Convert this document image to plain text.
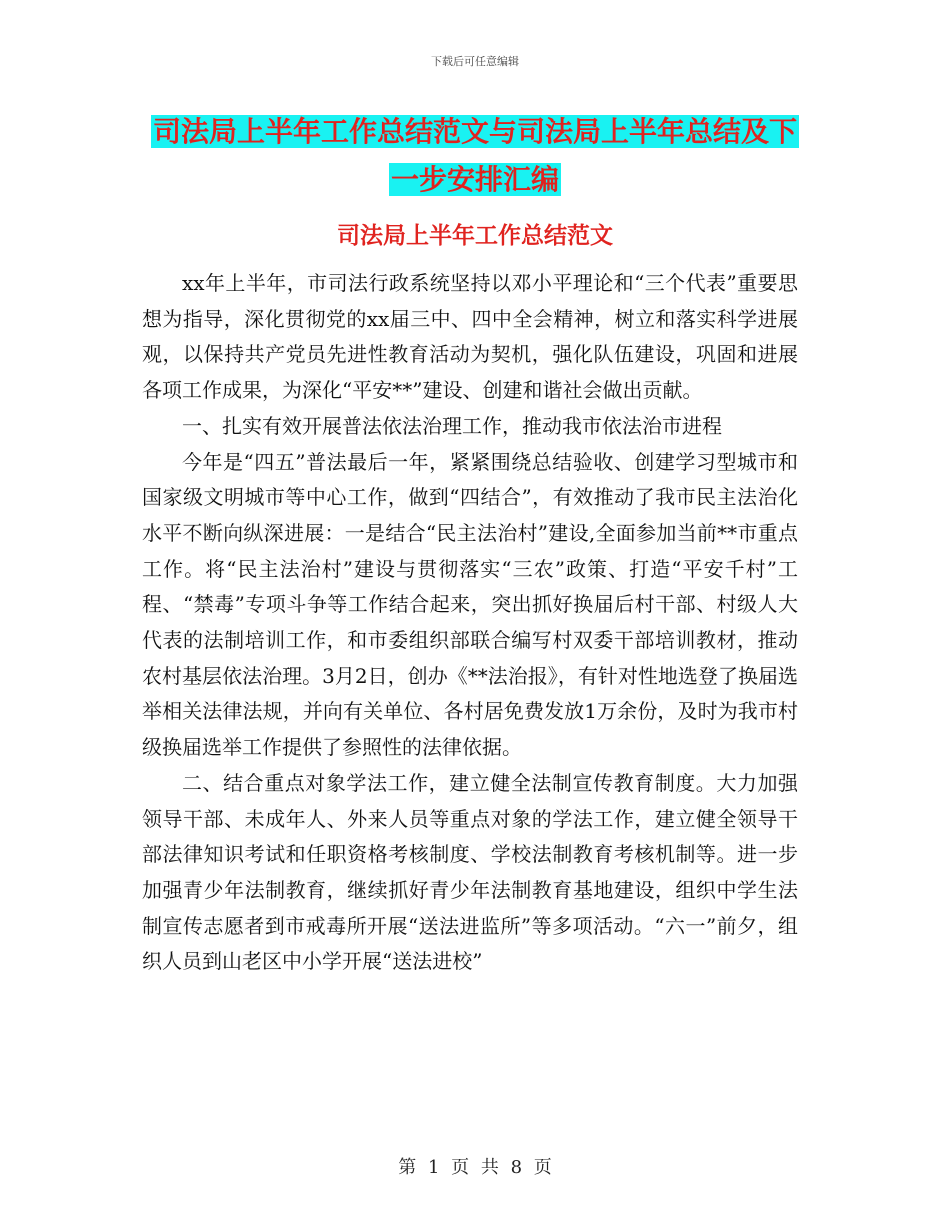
下载后可任意编辑
司法局上半年工作总结范文与司法局上半年总结及下
一步安排汇编
司法局上半年工作总结范文

xx年上半年，市司法行政系统坚持以邓小平理论和“三个代表”重要思想为指导，深化贯彻党的xx届三中、四中全会精神，树立和落实科学进展观，以保持共产党员先进性教育活动为契机，强化队伍建设，巩固和进展各项工作成果，为深化“平安**”建设、创建和谐社会做出贡献。

一、扎实有效开展普法依法治理工作，推动我市依法治市进程

今年是“四五”普法最后一年，紧紧围绕总结验收、创建学习型城市和国家级文明城市等中心工作，做到“四结合”，有效推动了我市民主法治化水平不断向纵深进展：一是结合“民主法治村”建设,全面参加当前**市重点工作。将“民主法治村”建设与贯彻落实“三农”政策、打造“平安千村”工程、“禁毒”专项斗争等工作结合起来，突出抓好换届后村干部、村级人大代表的法制培训工作，和市委组织部联合编写村双委干部培训教材，推动农村基层依法治理。3月2日，创办《**法治报》，有针对性地选登了换届选举相关法律法规，并向有关单位、各村居免费发放1万余份，及时为我市村级换届选举工作提供了参照性的法律依据。

二、结合重点对象学法工作，建立健全法制宣传教育制度。大力加强领导干部、未成年人、外来人员等重点对象的学法工作，建立健全领导干部法律知识考试和任职资格考核制度、学校法制教育考核机制等。进一步加强青少年法制教育，继续抓好青少年法制教育基地建设，组织中学生法制宣传志愿者到市戒毒所开展“送法进监所”等多项活动。“六一”前夕，组织人员到山老区中小学开展“送法进校”

第 1 页 共 8 页
